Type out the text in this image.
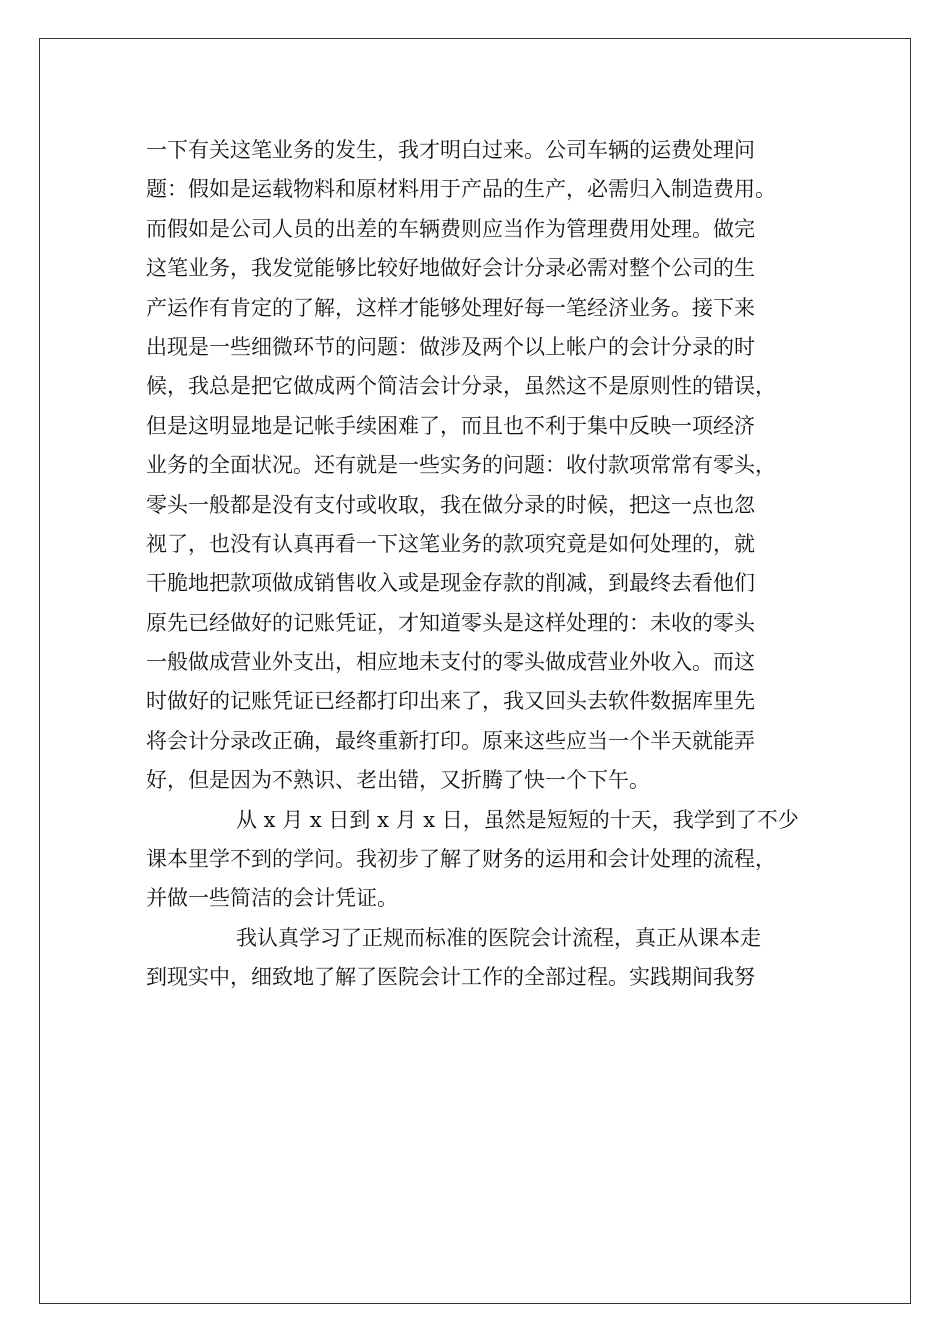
一下有关这笔业务的发生，我才明白过来。公司车辆的运费处理问

题：假如是运载物料和原材料用于产品的生产，必需归入制造费用。

而假如是公司人员的出差的车辆费则应当作为管理费用处理。做完

这笔业务，我发觉能够比较好地做好会计分录必需对整个公司的生

产运作有肯定的了解，这样才能够处理好每一笔经济业务。接下来

出现是一些细微环节的问题：做涉及两个以上帐户的会计分录的时

候，我总是把它做成两个简洁会计分录，虽然这不是原则性的错误，

但是这明显地是记帐手续困难了，而且也不利于集中反映一项经济

业务的全面状况。还有就是一些实务的问题：收付款项常常有零头，

零头一般都是没有支付或收取，我在做分录的时候，把这一点也忽

视了，也没有认真再看一下这笔业务的款项究竟是如何处理的，就

干脆地把款项做成销售收入或是现金存款的削减，到最终去看他们

原先已经做好的记账凭证，才知道零头是这样处理的：未收的零头

一般做成营业外支出，相应地未支付的零头做成营业外收入。而这

时做好的记账凭证已经都打印出来了，我又回头去软件数据库里先

将会计分录改正确，最终重新打印。原来这些应当一个半天就能弄

好，但是因为不熟识、老出错，又折腾了快一个下午。

从 x 月 x 日到 x 月 x 日，虽然是短短的十天，我学到了不少

课本里学不到的学问。我初步了解了财务的运用和会计处理的流程，

并做一些简洁的会计凭证。

我认真学习了正规而标准的医院会计流程，真正从课本走

到现实中，细致地了解了医院会计工作的全部过程。实践期间我努
